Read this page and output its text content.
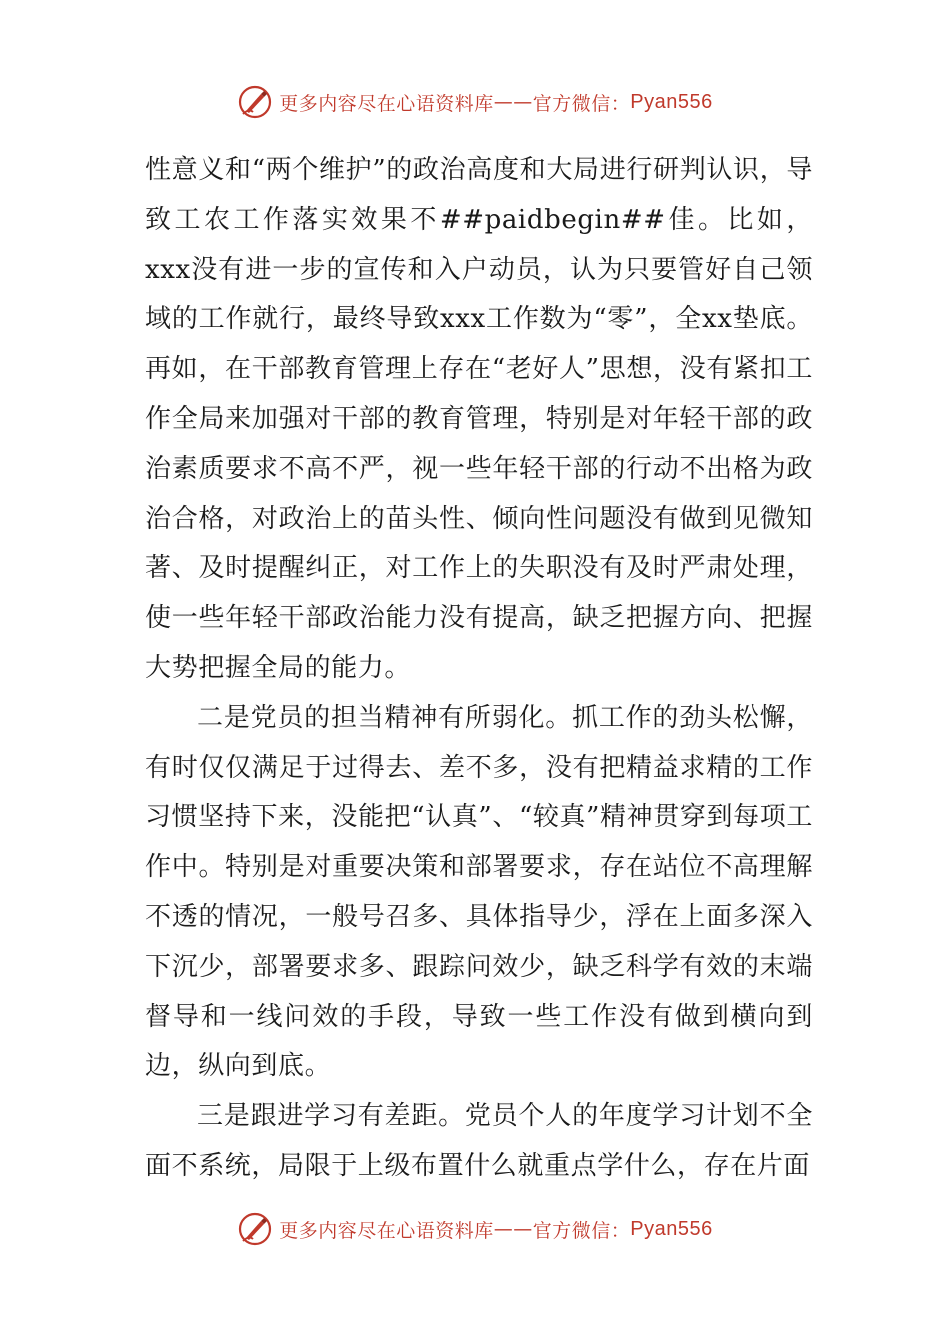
更多内容尽在心语资料库 —— 官方微信： Pyan556

性意义和“两个维护”的政治高度和大局进行研判认识，导致工农工作落实效果不##paidbegin##佳。比如，xxx没有进一步的宣传和入户动员，认为只要管好自己领域的工作就行，最终导致xxx工作数为“零”，全xx垫底。再如，在干部教育管理上存在“老好人”思想，没有紧扣工作全局来加强对干部的教育管理，特别是对年轻干部的政治素质要求不高不严，视一些年轻干部的行动不出格为政治合格，对政治上的苗头性、倾向性问题没有做到见微知著、及时提醒纠正，对工作上的失职没有及时严肃处理，使一些年轻干部政治能力没有提高，缺乏把握方向、把握大势把握全局的能力。

二是党员的担当精神有所弱化。抓工作的劲头松懈，有时仅仅满足于过得去、差不多，没有把精益求精的工作习惯坚持下来，没能把“认真”、“较真”精神贯穿到每项工作中。特别是对重要决策和部署要求，存在站位不高理解不透的情况，一般号召多、具体指导少，浮在上面多深入下沉少，部署要求多、跟踪问效少，缺乏科学有效的末端督导和一线问效的手段，导致一些工作没有做到横向到边，纵向到底。

三是跟进学习有差距。党员个人的年度学习计划不全面不系统，局限于上级布置什么就重点学什么，存在片面

更多内容尽在心语资料库 —— 官方微信： Pyan556
